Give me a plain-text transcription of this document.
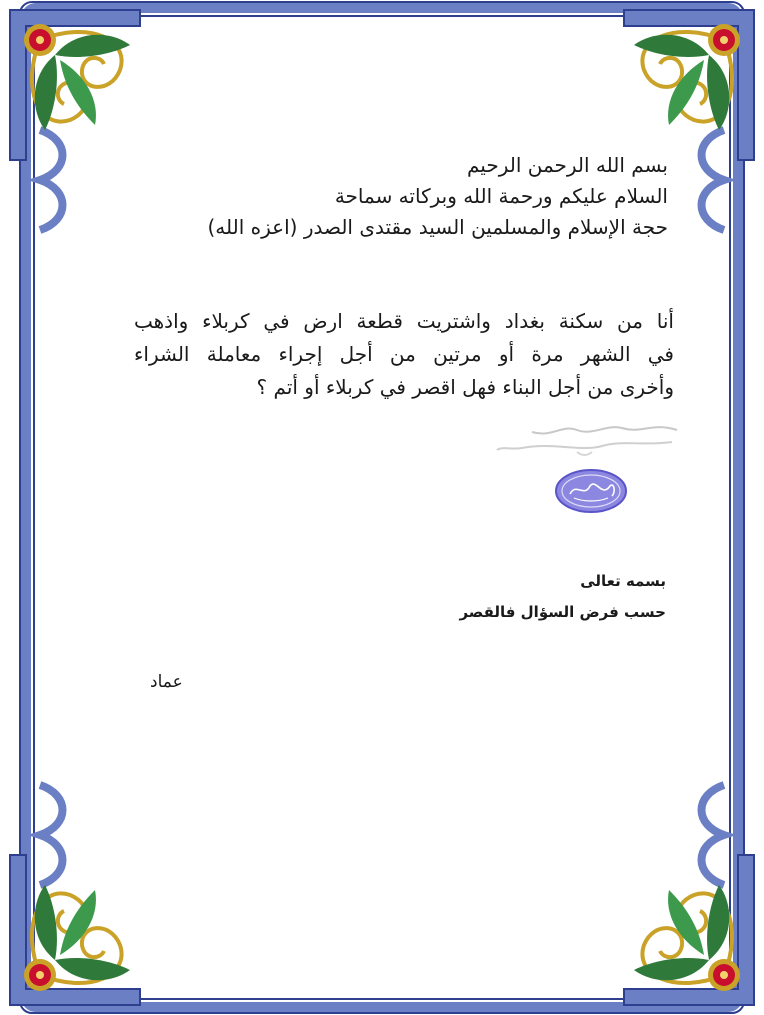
بسم الله الرحمن الرحيم
السلام عليكم ورحمة الله وبركاته سماحة
حجة الإسلام والمسلمين السيد مقتدى الصدر (اعزه الله)
أنا من سكنة بغداد واشتريت قطعة ارض في كربلاء واذهب
في الشهر مرة أو مرتين من أجل إجراء معاملة الشراء
وأخرى من أجل البناء فهل اقصر في كربلاء أو أتم ؟
بسمه تعالى
حسب فرض السؤال فالقصر
عماد
